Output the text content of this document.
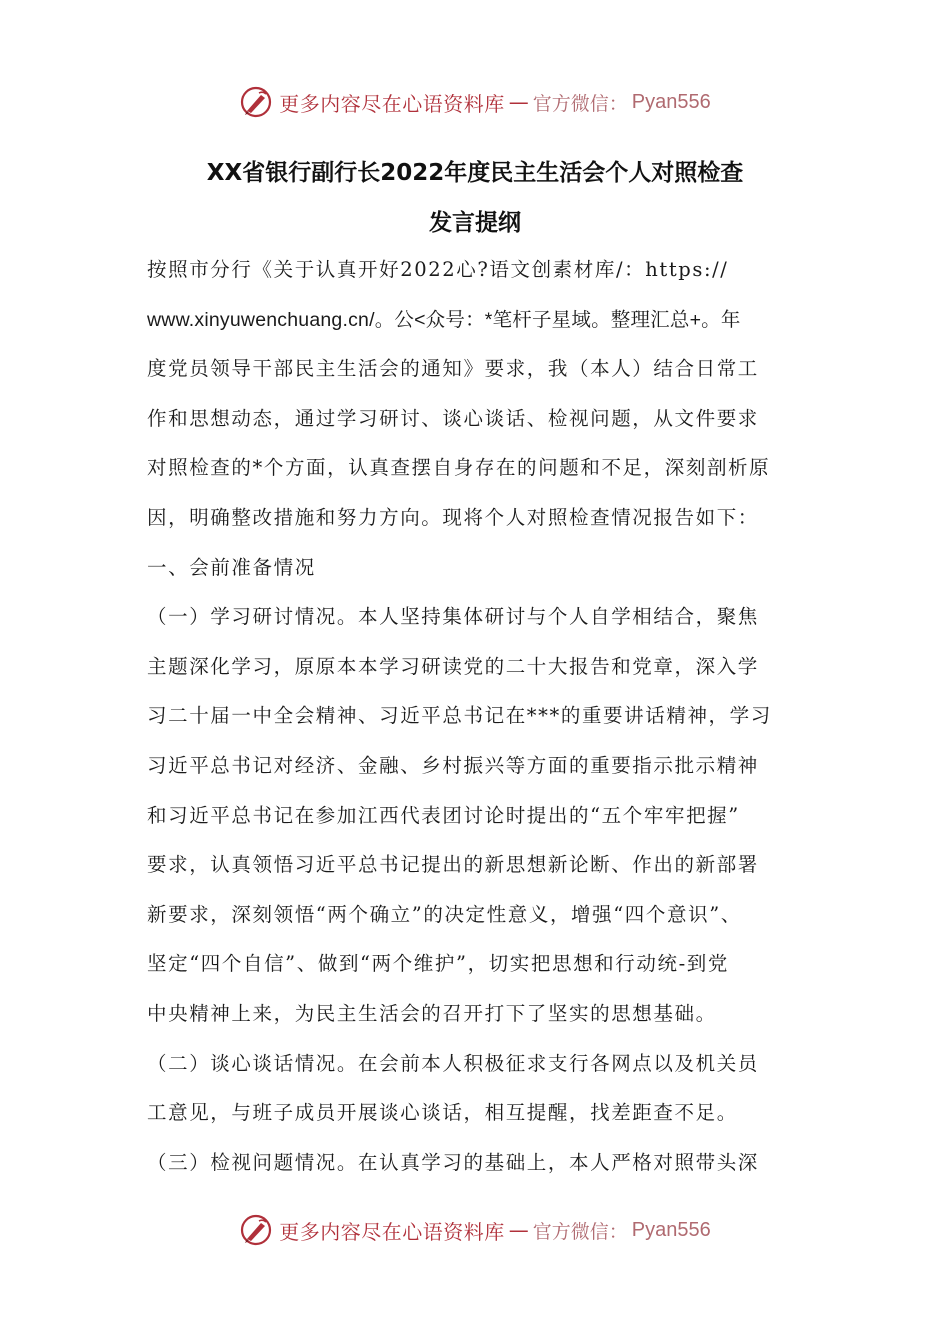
更多内容尽在心语资料库 — 官方微信： Pyan556
XX省银行副行长2022年度民主生活会个人对照检查
发言提纲
按照市分行《关于认真开好2022心?语文创素材库/：https://
www.xinyuwenchuang.cn/。公<众号：*笔杆子星域。整理汇总+。年
度党员领导干部民主生活会的通知》要求，我（本人）结合日常工
作和思想动态，通过学习研讨、谈心谈话、检视问题，从文件要求
对照检查的*个方面，认真查摆自身存在的问题和不足，深刻剖析原
因，明确整改措施和努力方向。现将个人对照检查情况报告如下：
一、会前准备情况
（一）学习研讨情况。本人坚持集体研讨与个人自学相结合，聚焦
主题深化学习，原原本本学习研读党的二十大报告和党章，深入学
习二十届一中全会精神、习近平总书记在***的重要讲话精神，学习
习近平总书记对经济、金融、乡村振兴等方面的重要指示批示精神
和习近平总书记在参加江西代表团讨论时提出的“五个牢牢把握”
要求，认真领悟习近平总书记提出的新思想新论断、作出的新部署
新要求，深刻领悟“两个确立”的决定性意义，增强“四个意识”、
坚定“四个自信”、做到“两个维护”，切实把思想和行动统-到党
中央精神上来，为民主生活会的召开打下了坚实的思想基础。
（二）谈心谈话情况。在会前本人积极征求支行各网点以及机关员
工意见，与班子成员开展谈心谈话，相互提醒，找差距查不足。
（三）检视问题情况。在认真学习的基础上，本人严格对照带头深
更多内容尽在心语资料库 — 官方微信： Pyan556
